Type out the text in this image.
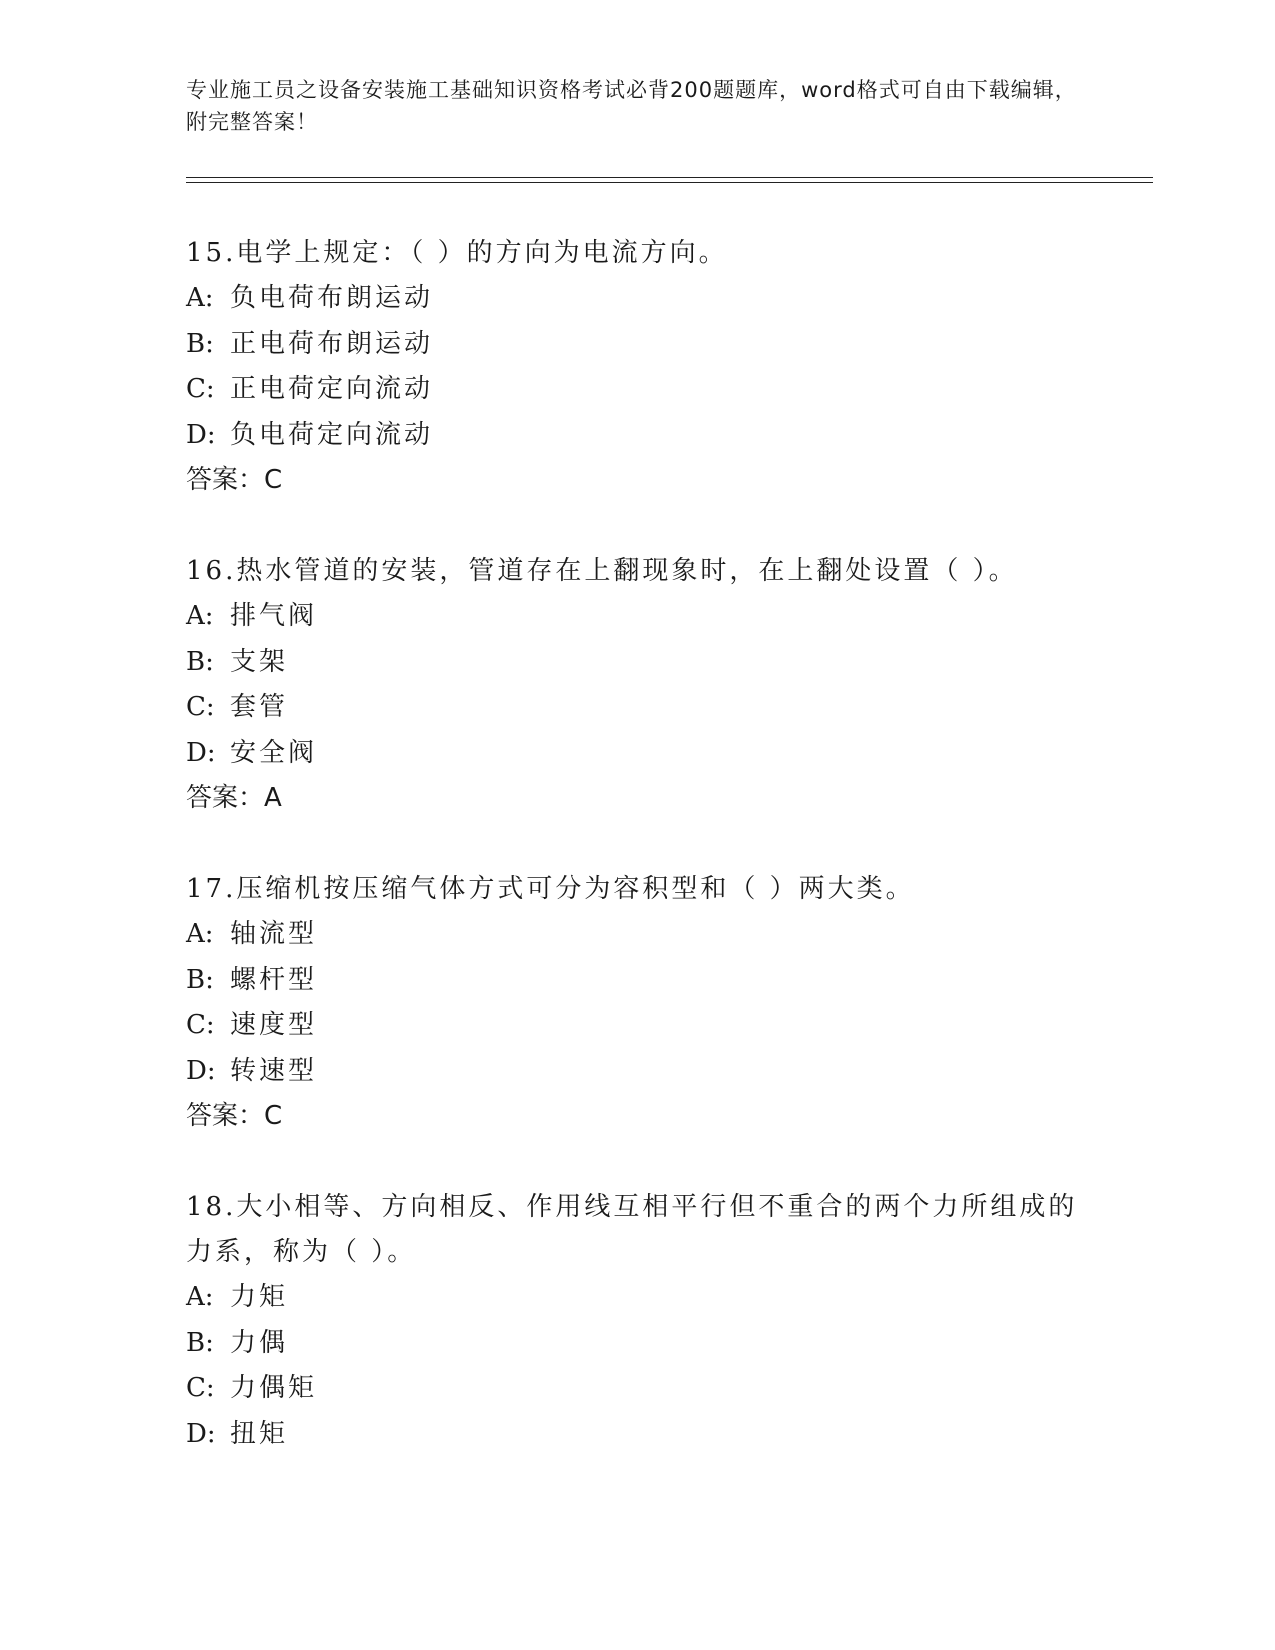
专业施工员之设备安装施工基础知识资格考试必背200题题库，word格式可自由下载编辑，附完整答案！

15.电学上规定：（ ）的方向为电流方向。

A: 负电荷布朗运动

B: 正电荷布朗运动

C: 正电荷定向流动

D: 负电荷定向流动

答案：C

16.热水管道的安装，管道存在上翻现象时，在上翻处设置（ ）。

A: 排气阀

B: 支架

C: 套管

D: 安全阀

答案：A

17.压缩机按压缩气体方式可分为容积型和（ ）两大类。

A: 轴流型

B: 螺杆型

C: 速度型

D: 转速型

答案：C

18.大小相等、方向相反、作用线互相平行但不重合的两个力所组成的力系，称为（ ）。

A: 力矩

B: 力偶

C: 力偶矩

D: 扭矩
